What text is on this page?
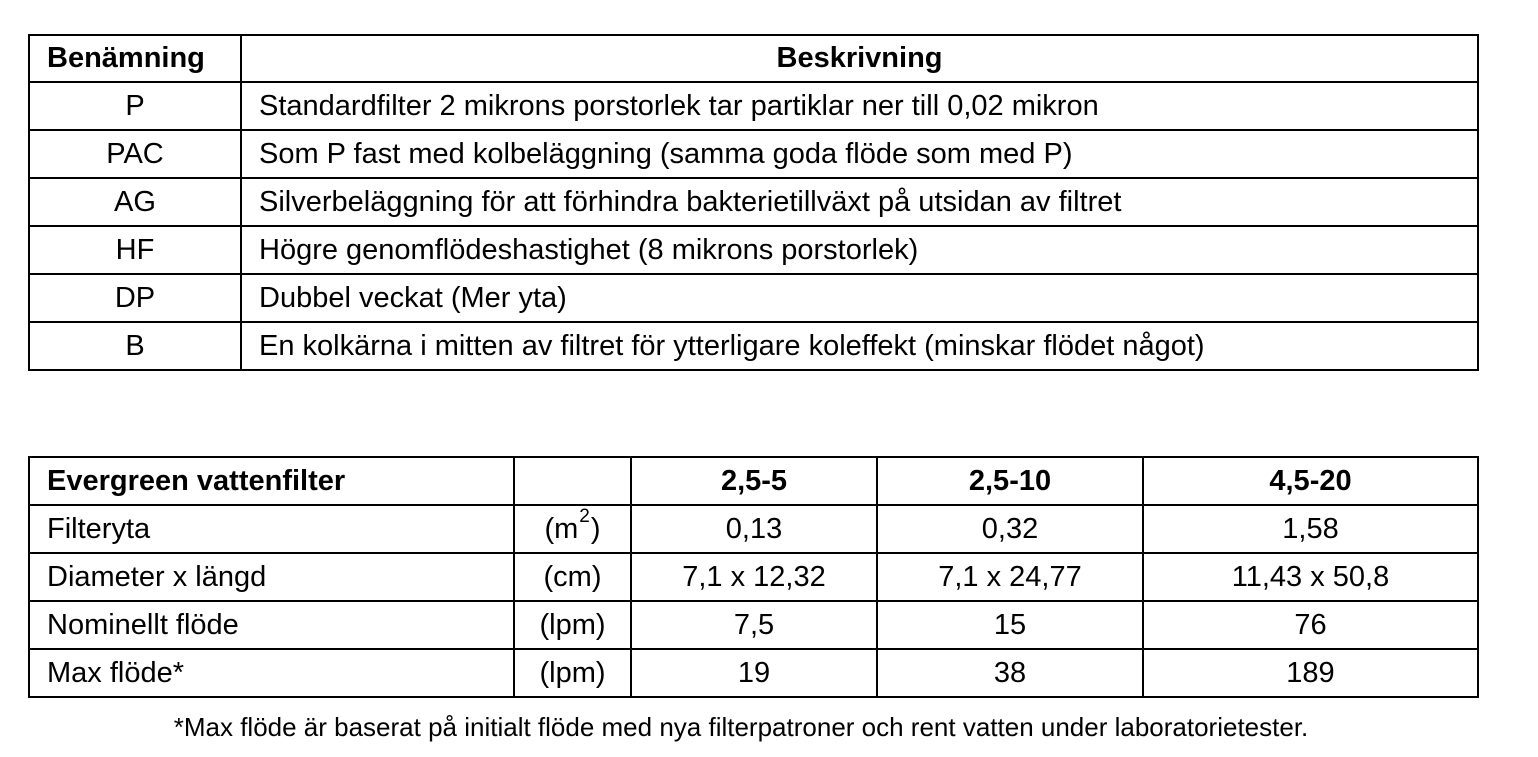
Benämning	Beskrivning
P	Standardfilter 2 mikrons porstorlek tar partiklar ner till 0,02 mikron
PAC	Som P fast med kolbeläggning (samma goda flöde som med P)
AG	Silverbeläggning för att förhindra bakterietillväxt på utsidan av filtret
HF	Högre genomflödeshastighet (8 mikrons porstorlek)
DP	Dubbel veckat (Mer yta)
B	En kolkärna i mitten av filtret för ytterligare koleffekt (minskar flödet något)
Evergreen vattenfilter		2,5-5	2,5-10	4,5-20
Filteryta	$(m^2)$	0,13	0,32	1,58
Diameter x längd	(cm)	7,1 x 12,32	7,1 x 24,77	11,43 x 50,8
Nominellt flöde	(lpm)	7,5	15	76
Max flöde*	(lpm)	19	38	189
*Max flöde är baserat på initialt flöde med nya filterpatroner och rent vatten under laboratorietester.
